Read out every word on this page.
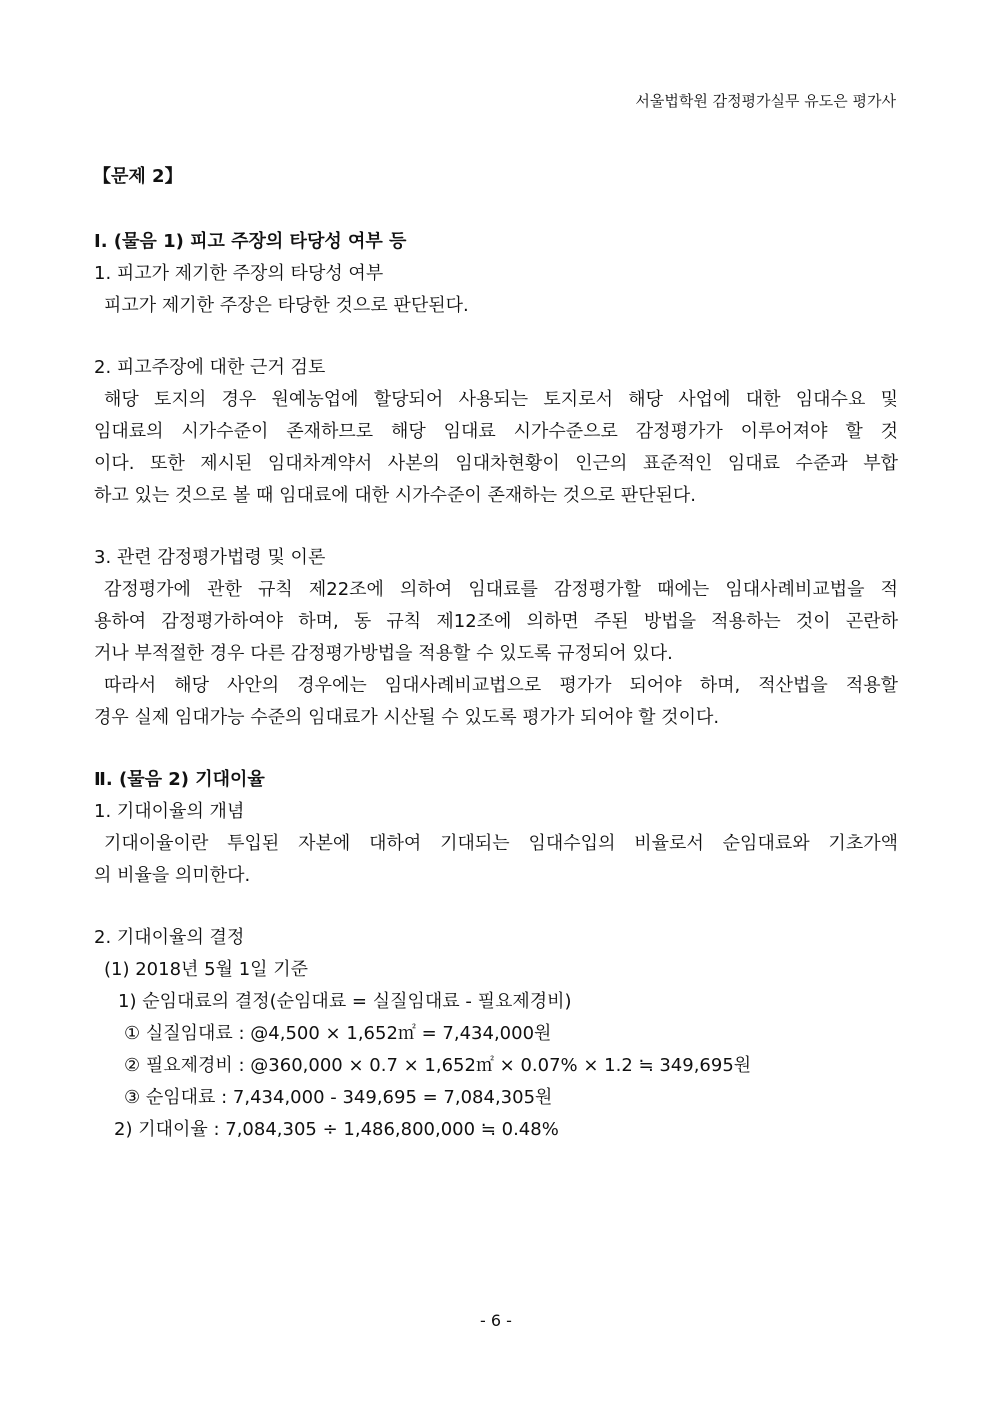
서울법학원 감정평가실무 유도은 평가사
【문제 2】

Ⅰ. (물음 1) 피고 주장의 타당성 여부 등

1. 피고가 제기한 주장의 타당성 여부

피고가 제기한 주장은 타당한 것으로 판단된다.

2. 피고주장에 대한 근거 검토

해당 토지의 경우 원예농업에 할당되어 사용되는 토지로서 해당 사업에 대한 임대수요 및

임대료의 시가수준이 존재하므로 해당 임대료 시가수준으로 감정평가가 이루어져야 할 것

이다. 또한 제시된 임대차계약서 사본의 임대차현황이 인근의 표준적인 임대료 수준과 부합

하고 있는 것으로 볼 때 임대료에 대한 시가수준이 존재하는 것으로 판단된다.

3. 관련 감정평가법령 및 이론

감정평가에 관한 규칙 제22조에 의하여 임대료를 감정평가할 때에는 임대사례비교법을 적

용하여 감정평가하여야 하며, 동 규칙 제12조에 의하면 주된 방법을 적용하는 것이 곤란하

거나 부적절한 경우 다른 감정평가방법을 적용할 수 있도록 규정되어 있다.

따라서 해당 사안의 경우에는 임대사례비교법으로 평가가 되어야 하며, 적산법을 적용할

경우 실제 임대가능 수준의 임대료가 시산될 수 있도록 평가가 되어야 할 것이다.

Ⅱ. (물음 2) 기대이율

1. 기대이율의 개념

기대이율이란 투입된 자본에 대하여 기대되는 임대수입의 비율로서 순임대료와 기초가액

의 비율을 의미한다.

2. 기대이율의 결정

(1) 2018년 5월 1일 기준

1) 순임대료의 결정(순임대료 = 실질임대료 - 필요제경비)

① 실질임대료 : @4,500 × 1,652㎡ = 7,434,000원

② 필요제경비 : @360,000 × 0.7 × 1,652㎡ × 0.07% × 1.2 ≒ 349,695원

③ 순임대료 : 7,434,000 - 349,695 = 7,084,305원

2) 기대이율 : 7,084,305 ÷ 1,486,800,000 ≒ 0.48%

- 6 -
